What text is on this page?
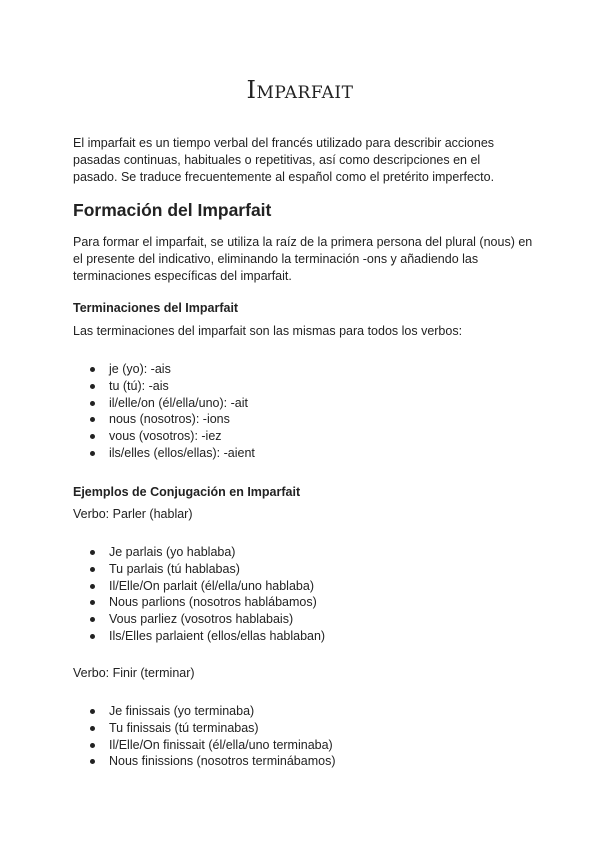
Imparfait

El imparfait es un tiempo verbal del francés utilizado para describir acciones pasadas continuas, habituales o repetitivas, así como descripciones en el pasado. Se traduce frecuentemente al español como el pretérito imperfecto.

Formación del Imparfait

Para formar el imparfait, se utiliza la raíz de la primera persona del plural (nous) en el presente del indicativo, eliminando la terminación -ons y añadiendo las terminaciones específicas del imparfait.

Terminaciones del Imparfait

Las terminaciones del imparfait son las mismas para todos los verbos:

je (yo): -ais
tu (tú): -ais
il/elle/on (él/ella/uno): -ait
nous (nosotros): -ions
vous (vosotros): -iez
ils/elles (ellos/ellas): -aient
Ejemplos de Conjugación en Imparfait

Verbo: Parler (hablar)

Je parlais (yo hablaba)
Tu parlais (tú hablabas)
Il/Elle/On parlait (él/ella/uno hablaba)
Nous parlions (nosotros hablábamos)
Vous parliez (vosotros hablabais)
Ils/Elles parlaient (ellos/ellas hablaban)

Verbo: Finir (terminar)

Je finissais (yo terminaba)
Tu finissais (tú terminabas)
Il/Elle/On finissait (él/ella/uno terminaba)
Nous finissions (nosotros terminábamos)
